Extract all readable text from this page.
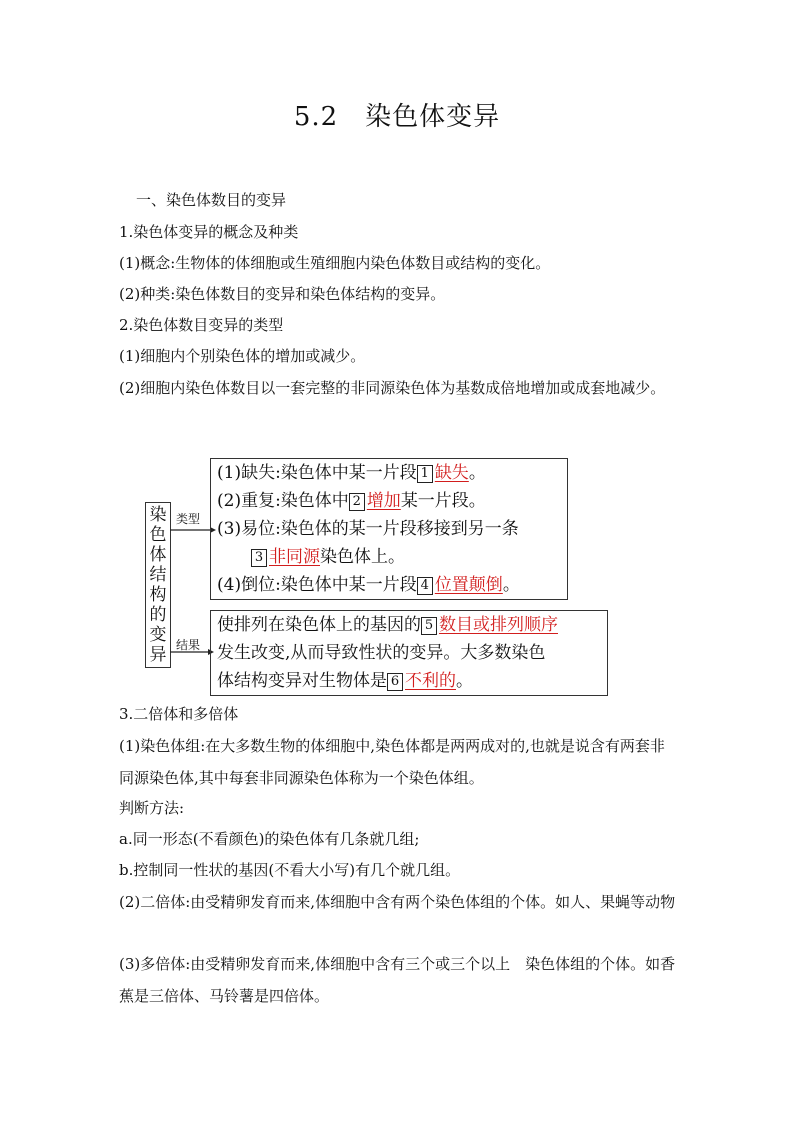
5.2　染色体变异
一、染色体数目的变异
1.染色体变异的概念及种类
(1)概念:生物体的体细胞或生殖细胞内染色体数目或结构的变化。
(2)种类:染色体数目的变异和染色体结构的变异。
2.染色体数目变异的类型
(1)细胞内个别染色体的增加或减少。
(2)细胞内染色体数目以一套完整的非同源染色体为基数成倍地增加或成套地减少。
染
色
体
结
构
的
变
异
类型
结果
(1)缺失:染色体中某一片段 1 缺失。
(2)重复:染色体中 2 增加某一片段。
(3)易位:染色体的某一片段移接到另一条
3 非同源染色体上。
(4)倒位:染色体中某一片段 4 位置颠倒。
使排列在染色体上的基因的 5 数目或排列顺序
发生改变,从而导致性状的变异。大多数染色
体结构变异对生物体是 6 不利的。
3.二倍体和多倍体
(1)染色体组:在大多数生物的体细胞中,染色体都是两两成对的,也就是说含有两套非同源染色体,其中每套非同源染色体称为一个染色体组。
判断方法:
a.同一形态(不看颜色)的染色体有几条就几组;
b.控制同一性状的基因(不看大小写)有几个就几组。
(2)二倍体:由受精卵发育而来,体细胞中含有两个染色体组的个体。如人、果蝇等动物
(3)多倍体:由受精卵发育而来,体细胞中含有三个或三个以上　染色体组的个体。如香蕉是三倍体、马铃薯是四倍体。
